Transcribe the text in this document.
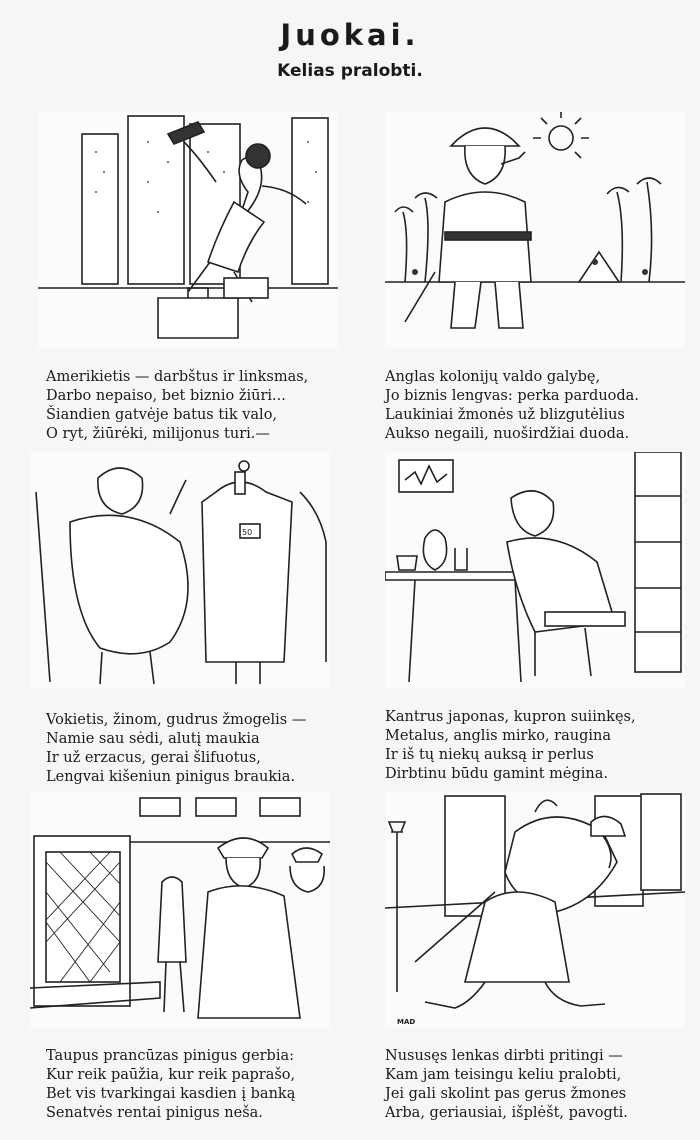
Juokai.
Kelias pralobti.
50
MAD

Amerikietis — darbštus ir linksmas,

Darbo nepaiso, bet biznio žiūri...

Šiandien gatvėje batus tik valo,

O ryt, žiūrėki, milijonus turi.—

Anglas kolonijų valdo galybę,

Jo biznis lengvas: perka parduoda.

Laukiniai žmonės už blizgutėlius

Aukso negaili, nuoširdžiai duoda.

Vokietis, žinom, gudrus žmogelis —

Namie sau sėdi, alutį maukia

Ir už erzacus, gerai šlifuotus,

Lengvai kišeniun pinigus braukia.

Kantrus japonas, kupron suiinkęs,

Metalus, anglis mirko, raugina

Ir iš tų niekų auksą ir perlus

Dirbtinu būdu gamint mėgina.

Taupus prancūzas pinigus gerbia:

Kur reik paūžia, kur reik paprašo,

Bet vis tvarkingai kasdien į banką

Senatvės rentai pinigus neša.

Nususęs lenkas dirbti pritingi —

Kam jam teisingu keliu pralobti,

Jei gali skolint pas gerus žmones

Arba, geriausiai, išplėšt, pavogti.
